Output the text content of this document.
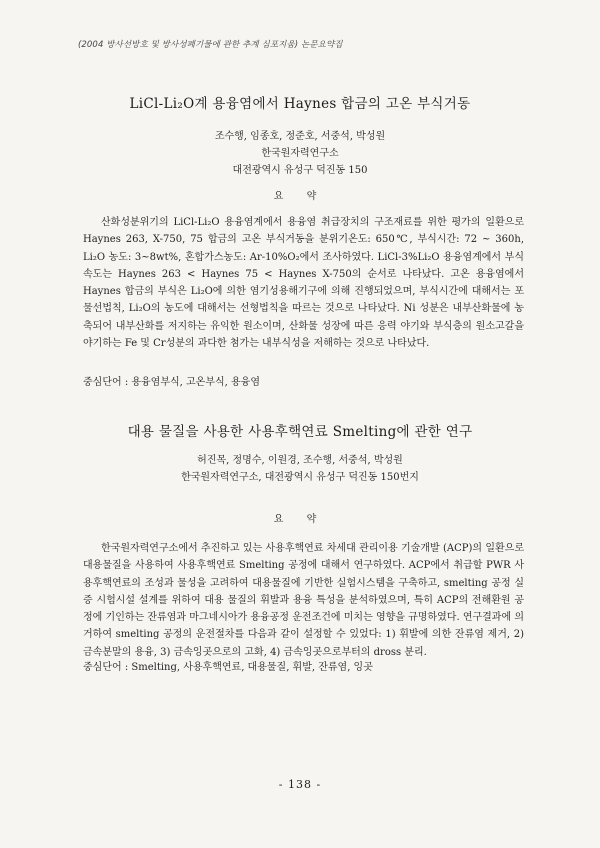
(2004 방사선방호 및 방사성폐기물에 관한 추계 심포지움) 논문요약집
LiCl-Li₂O계 용융염에서 Haynes 합금의 고온 부식거동
조수행, 임종호, 정준호, 서중석, 박성원
한국원자력연구소
대전광역시 유성구 덕진동 150
요 약

산화성분위기의 LiCl-Li₂O 용융염계에서 용융염 취급장치의 구조재료를 위한 평가의 일환으로 Haynes 263, X-750, 75 합금의 고온 부식거동을 분위기온도: 650℃, 부식시간: 72 ~ 360h, Li₂O 농도: 3~8wt%, 혼합가스농도: Ar-10%O₂에서 조사하였다. LiCl-3%Li₂O 용융염계에서 부식속도는 Haynes 263 < Haynes 75 < Haynes X-750의 순서로 나타났다. 고온 용융염에서 Haynes 합금의 부식은 Li₂O에 의한 염기성용해기구에 의해 진행되었으며, 부식시간에 대해서는 포물선법칙, Li₂O의 농도에 대해서는 선형법칙을 따르는 것으로 나타났다. Ni 성분은 내부산화물에 농축되어 내부산화를 저지하는 유익한 원소이며, 산화물 성장에 따른 응력 야기와 부식층의 원소고갈을 야기하는 Fe 및 Cr성분의 과다한 첨가는 내부식성을 저해하는 것으로 나타났다.

중심단어 : 용융염부식, 고온부식, 용융염
대용 물질을 사용한 사용후핵연료 Smelting에 관한 연구
허진목, 정명수, 이원경, 조수행, 서중석, 박성원
한국원자력연구소, 대전광역시 유성구 덕진동 150번지
요 약

한국원자력연구소에서 추진하고 있는 사용후핵연료 차세대 관리이용 기술개발 (ACP)의 일환으로 대용물질을 사용하여 사용후핵연료 Smelting 공정에 대해서 연구하였다. ACP에서 취급할 PWR 사용후핵연료의 조성과 물성을 고려하여 대용물질에 기반한 실험시스템을 구축하고, smelting 공정 실증 시험시설 설계를 위하여 대용 물질의 휘발과 용융 특성을 분석하였으며, 특히 ACP의 전해환원 공정에 기인하는 잔류염과 마그네시아가 용융공정 운전조건에 미치는 영향을 규명하였다. 연구결과에 의거하여 smelting 공정의 운전절차를 다음과 같이 설정할 수 있었다: 1) 휘발에 의한 잔류염 제거, 2) 금속분말의 용융, 3) 금속잉곳으로의 고화, 4) 금속잉곳으로부터의 dross 분리.

중심단어 : Smelting, 사용후핵연료, 대용물질, 휘발, 잔류염, 잉곳
- 138 -
